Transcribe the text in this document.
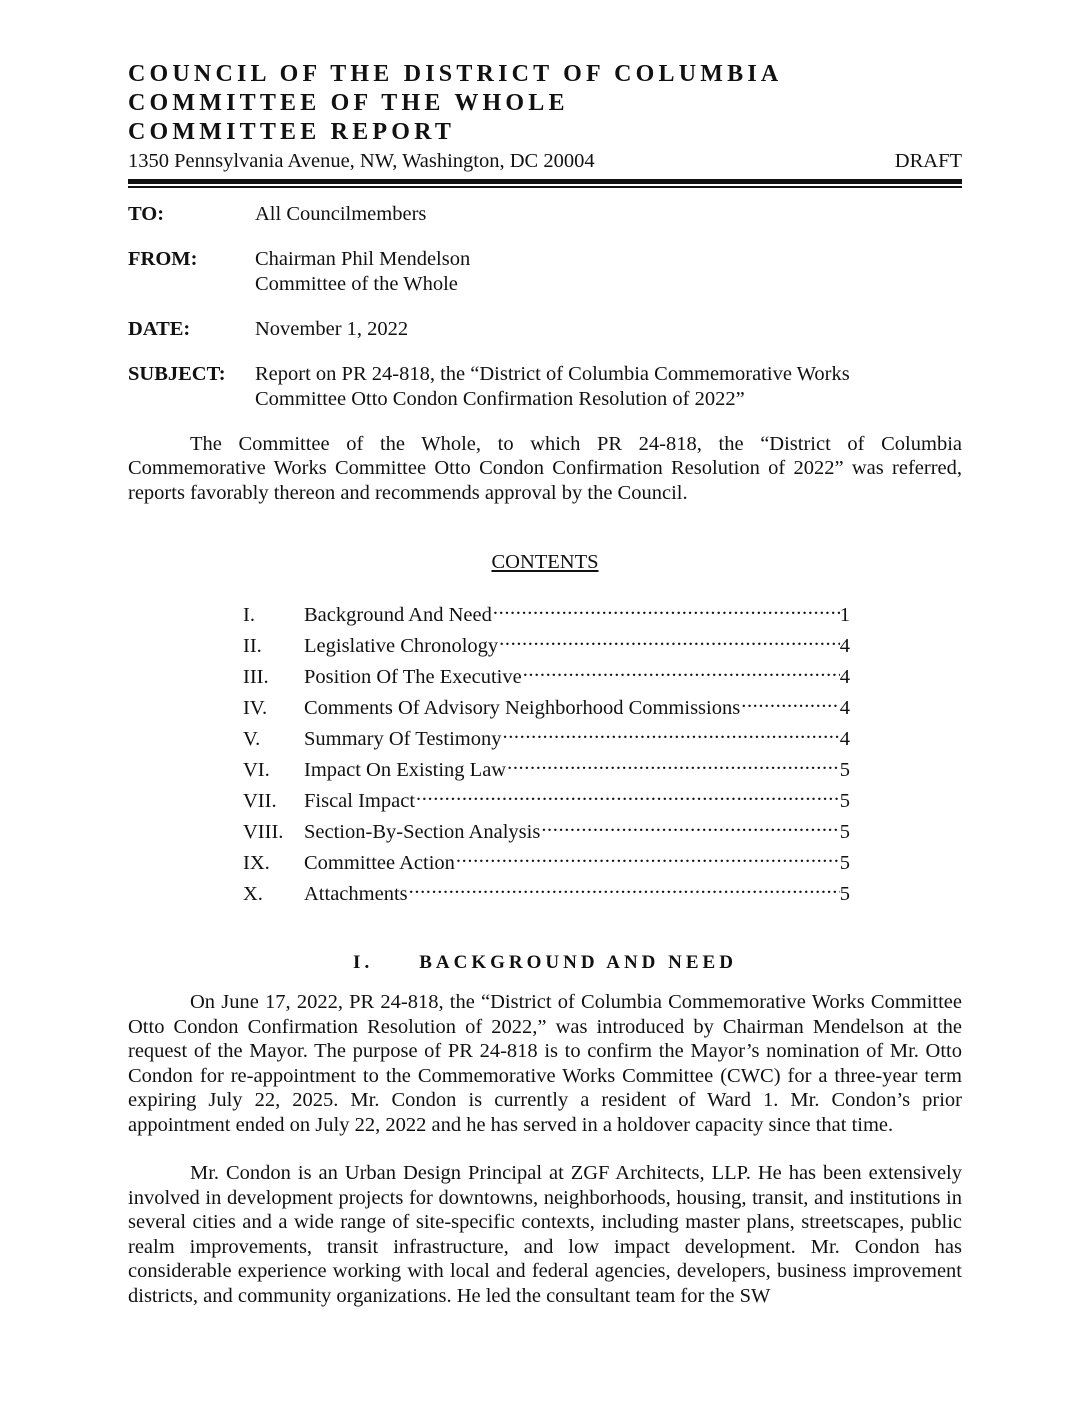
COUNCIL OF THE DISTRICT OF COLUMBIA
COMMITTEE OF THE WHOLE
COMMITTEE REPORT
1350 Pennsylvania Avenue, NW, Washington, DC 20004	DRAFT
TO:	All Councilmembers
FROM:	Chairman Phil Mendelson
Committee of the Whole
DATE:	November 1, 2022
SUBJECT:	Report on PR 24-818, the “District of Columbia Commemorative Works
Committee Otto Condon Confirmation Resolution of 2022”

The Committee of the Whole, to which PR 24-818, the “District of Columbia Commemorative Works Committee Otto Condon Confirmation Resolution of 2022” was referred, reports favorably thereon and recommends approval by the Council.

CONTENTS
I.	Background And Need .....	1
II.	Legislative Chronology .....	4
III.	Position Of The Executive .....	4
IV.	Comments Of Advisory Neighborhood Commissions .....	4
V.	Summary Of Testimony .....	4
VI.	Impact On Existing Law .....	5
VII.	Fiscal Impact .....	5
VIII.	Section-By-Section Analysis .....	5
IX.	Committee Action .....	5
X.	Attachments .....	5
I. BACKGROUND AND NEED

On June 17, 2022, PR 24-818, the “District of Columbia Commemorative Works Committee Otto Condon Confirmation Resolution of 2022,” was introduced by Chairman Mendelson at the request of the Mayor. The purpose of PR 24-818 is to confirm the Mayor’s nomination of Mr. Otto Condon for re-appointment to the Commemorative Works Committee (CWC) for a three-year term expiring July 22, 2025. Mr. Condon is currently a resident of Ward 1. Mr. Condon’s prior appointment ended on July 22, 2022 and he has served in a holdover capacity since that time.

Mr. Condon is an Urban Design Principal at ZGF Architects, LLP. He has been extensively involved in development projects for downtowns, neighborhoods, housing, transit, and institutions in several cities and a wide range of site-specific contexts, including master plans, streetscapes, public realm improvements, transit infrastructure, and low impact development. Mr. Condon has considerable experience working with local and federal agencies, developers, business improvement districts, and community organizations. He led the consultant team for the SW
